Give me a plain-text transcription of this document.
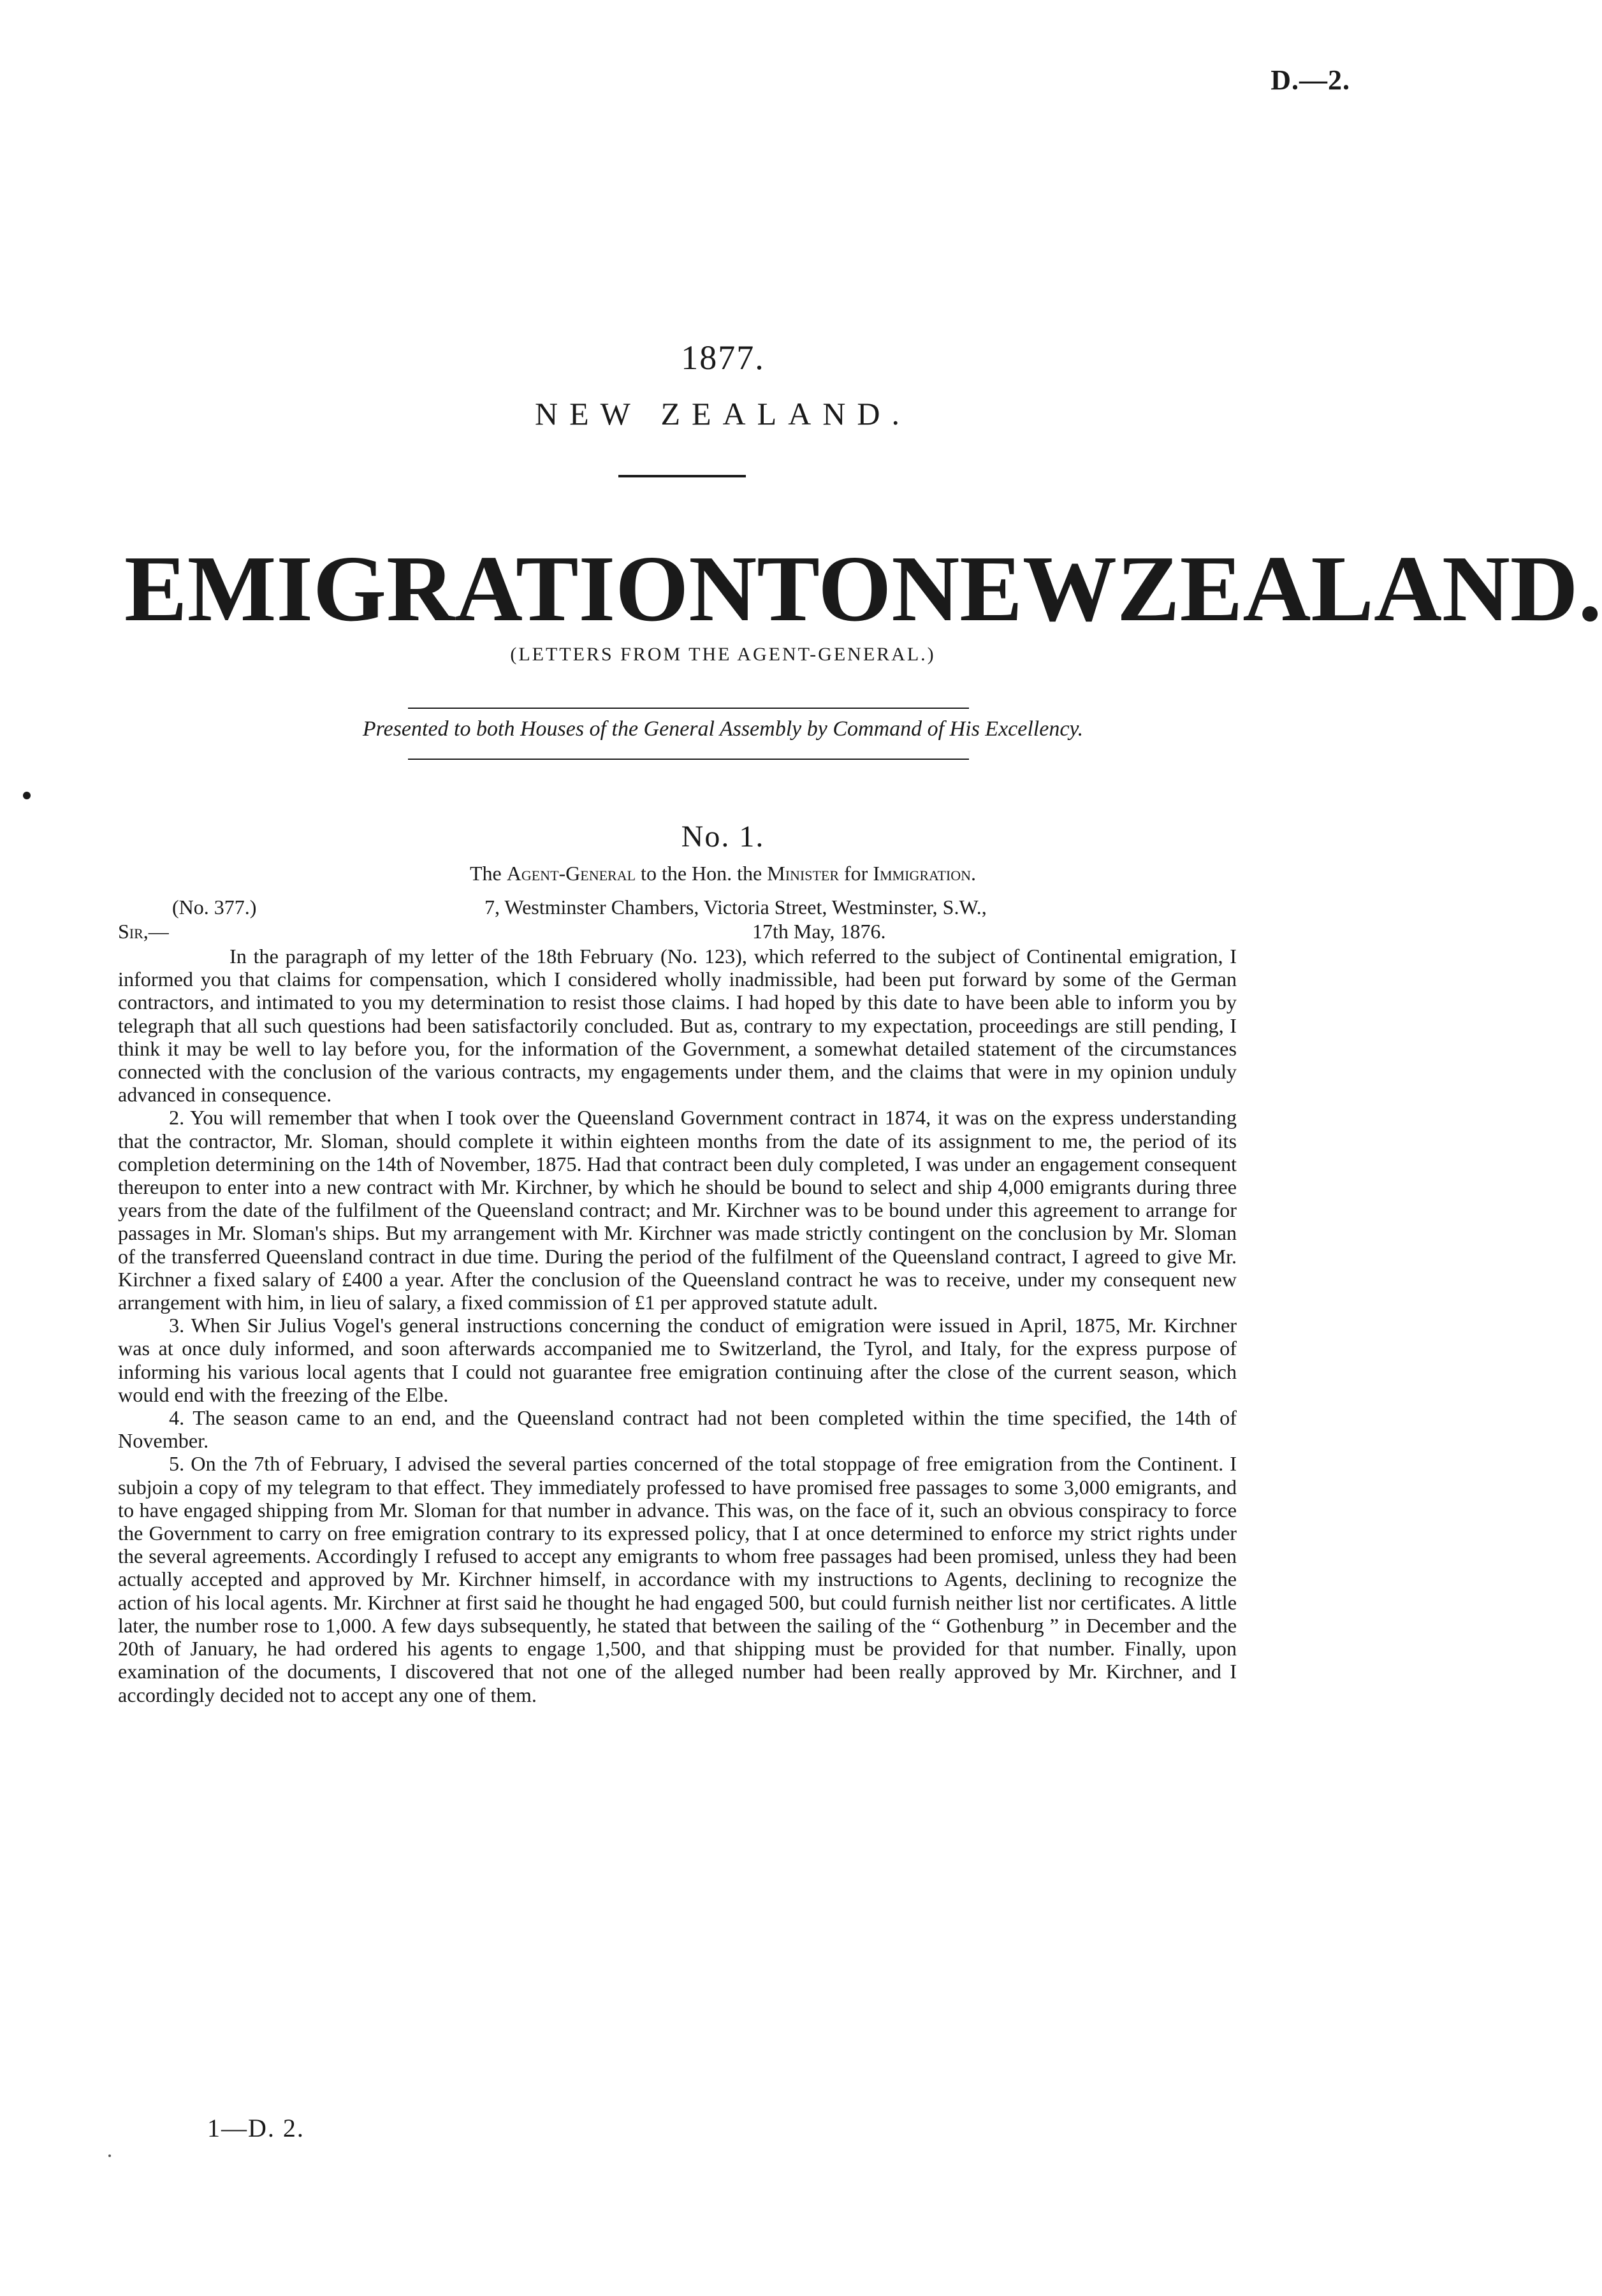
D.—2.
1877.
NEW ZEALAND.
EMIGRATION TO NEW ZEALAND.
(LETTERS FROM THE AGENT-GENERAL.)
Presented to both Houses of the General Assembly by Command of His Excellency.
No. 1.
The Agent-General to the Hon. the Minister for Immigration.
(No. 377.)	7, Westminster Chambers, Victoria Street, Westminster, S.W.,
Sir,—	17th May, 1876.

In the paragraph of my letter of the 18th February (No. 123), which referred to the subject of Continental emigration, I informed you that claims for compensation, which I considered wholly inadmissible, had been put forward by some of the German contractors, and intimated to you my determination to resist those claims. I had hoped by this date to have been able to inform you by telegraph that all such questions had been satisfactorily concluded. But as, contrary to my expectation, proceedings are still pending, I think it may be well to lay before you, for the information of the Government, a somewhat detailed statement of the circumstances connected with the conclusion of the various contracts, my engagements under them, and the claims that were in my opinion unduly advanced in consequence.

2. You will remember that when I took over the Queensland Government contract in 1874, it was on the express understanding that the contractor, Mr. Sloman, should complete it within eighteen months from the date of its assignment to me, the period of its completion determining on the 14th of November, 1875. Had that contract been duly completed, I was under an engagement consequent thereupon to enter into a new contract with Mr. Kirchner, by which he should be bound to select and ship 4,000 emigrants during three years from the date of the fulfilment of the Queensland contract; and Mr. Kirchner was to be bound under this agreement to arrange for passages in Mr. Sloman's ships. But my arrangement with Mr. Kirchner was made strictly contingent on the conclusion by Mr. Sloman of the transferred Queensland contract in due time. During the period of the fulfilment of the Queensland contract, I agreed to give Mr. Kirchner a fixed salary of £400 a year. After the conclusion of the Queensland contract he was to receive, under my consequent new arrangement with him, in lieu of salary, a fixed commission of £1 per approved statute adult.

3. When Sir Julius Vogel's general instructions concerning the conduct of emigration were issued in April, 1875, Mr. Kirchner was at once duly informed, and soon afterwards accompanied me to Switzerland, the Tyrol, and Italy, for the express purpose of informing his various local agents that I could not guarantee free emigration continuing after the close of the current season, which would end with the freezing of the Elbe.

4. The season came to an end, and the Queensland contract had not been completed within the time specified, the 14th of November.

5. On the 7th of February, I advised the several parties concerned of the total stoppage of free emigration from the Continent. I subjoin a copy of my telegram to that effect. They immediately professed to have promised free passages to some 3,000 emigrants, and to have engaged shipping from Mr. Sloman for that number in advance. This was, on the face of it, such an obvious conspiracy to force the Government to carry on free emigration contrary to its expressed policy, that I at once determined to enforce my strict rights under the several agreements. Accordingly I refused to accept any emigrants to whom free passages had been promised, unless they had been actually accepted and approved by Mr. Kirchner himself, in accordance with my instructions to Agents, declining to recognize the action of his local agents. Mr. Kirchner at first said he thought he had engaged 500, but could furnish neither list nor certificates. A little later, the number rose to 1,000. A few days subsequently, he stated that between the sailing of the “ Gothenburg ” in December and the 20th of January, he had ordered his agents to engage 1,500, and that shipping must be provided for that number. Finally, upon examination of the documents, I discovered that not one of the alleged number had been really approved by Mr. Kirchner, and I accordingly decided not to accept any one of them.

1—D. 2.
